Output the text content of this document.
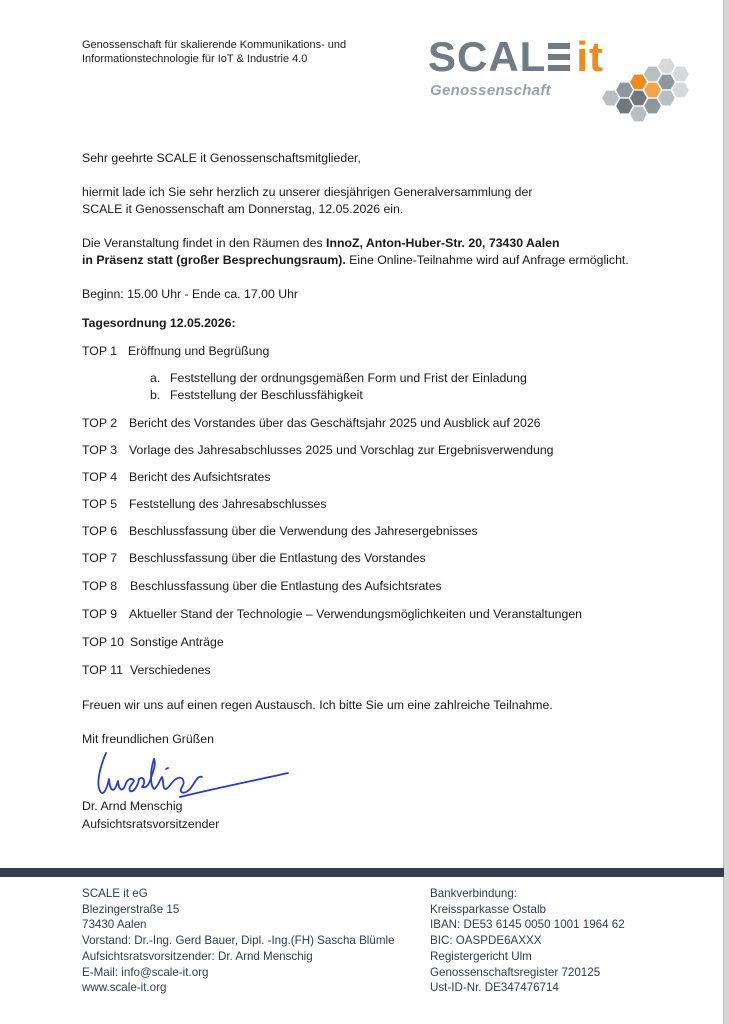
Genossenschaft für skalierende Kommunikations- und
Informationstechnologie für IoT & Industrie 4.0	SCAL it
Genossenschaft

Sehr geehrte SCALE it Genossenschaftsmitglieder,

hiermit lade ich Sie sehr herzlich zu unserer diesjährigen Generalversammlung der

SCALE it Genossenschaft am Donnerstag, 12.05.2026 ein.

Die Veranstaltung findet in den Räumen des InnoZ, Anton-Huber-Str. 20, 73430 Aalen

in Präsenz statt (großer Besprechungsraum). Eine Online-Teilnahme wird auf Anfrage ermöglicht.

Beginn: 15.00 Uhr - Ende ca. 17.00 Uhr

Tagesordnung 12.05.2026:
TOP 1 Eröffnung und Begrüßung
a. Feststellung der ordnungsgemäßen Form und Frist der Einladung
b. Feststellung der Beschlussfähigkeit
TOP 2 Bericht des Vorstandes über das Geschäftsjahr 2025 und Ausblick auf 2026
TOP 3 Vorlage des Jahresabschlusses 2025 und Vorschlag zur Ergebnisverwendung
TOP 4 Bericht des Aufsichtsrates
TOP 5 Feststellung des Jahresabschlusses
TOP 6 Beschlussfassung über die Verwendung des Jahresergebnisses
TOP 7 Beschlussfassung über die Entlastung des Vorstandes
TOP 8 Beschlussfassung über die Entlastung des Aufsichtsrates
TOP 9 Aktueller Stand der Technologie – Verwendungsmöglichkeiten und Veranstaltungen
TOP 10 Sonstige Anträge
TOP 11 Verschiedenes
Freuen wir uns auf einen regen Austausch. Ich bitte Sie um eine zahlreiche Teilnahme.
Mit freundlichen Grüßen
Dr. Arnd Menschig
Aufsichtsratsvorsitzender
SCALE it eG
Blezingerstraße 15
73430 Aalen
Vorstand: Dr.-Ing. Gerd Bauer, Dipl. -Ing.(FH) Sascha Blümle
Aufsichtsratsvorsitzender: Dr. Arnd Menschig
E-Mail: info@scale-it.org
www.scale-it.org
Bankverbindung:
Kreissparkasse Ostalb
IBAN: DE53 6145 0050 1001 1964 62
BIC: OASPDE6AXXX
Registergericht Ulm
Genossenschaftsregister 720125
Ust-ID-Nr. DE347476714
